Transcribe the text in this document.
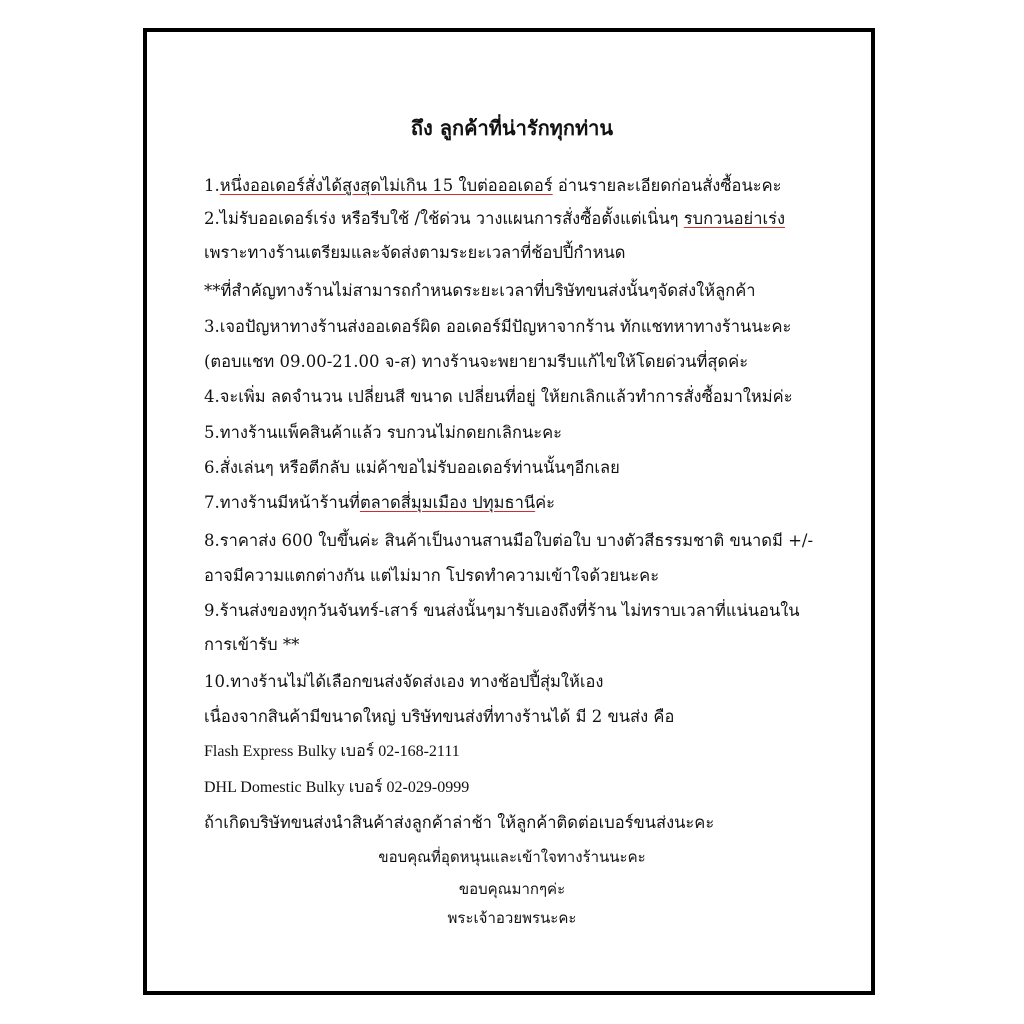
ถึง ลูกค้าที่น่ารักทุกท่าน

1.หนึ่งออเดอร์สั่งได้สูงสุดไม่เกิน 15 ใบต่อออเดอร์ อ่านรายละเอียดก่อนสั่งซื้อนะคะ

2.ไม่รับออเดอร์เร่ง หรือรีบใช้ /ใช้ด่วน วางแผนการสั่งซื้อตั้งแต่เนิ่นๆ รบกวนอย่าเร่ง

เพราะทางร้านเตรียมและจัดส่งตามระยะเวลาที่ช้อปปี้กำหนด

**ที่สำคัญทางร้านไม่สามารถกำหนดระยะเวลาที่บริษัทขนส่งนั้นๆจัดส่งให้ลูกค้า

3.เจอปัญหาทางร้านส่งออเดอร์ผิด ออเดอร์มีปัญหาจากร้าน ทักแชทหาทางร้านนะคะ

(ตอบแชท 09.00-21.00 จ-ส) ทางร้านจะพยายามรีบแก้ไขให้โดยด่วนที่สุดค่ะ

4.จะเพิ่ม ลดจำนวน เปลี่ยนสี ขนาด เปลี่ยนที่อยู่ ให้ยกเลิกแล้วทำการสั่งซื้อมาใหม่ค่ะ

5.ทางร้านแพ็คสินค้าแล้ว รบกวนไม่กดยกเลิกนะคะ

6.สั่งเล่นๆ หรือตีกลับ แม่ค้าขอไม่รับออเดอร์ท่านนั้นๆอีกเลย

7.ทางร้านมีหน้าร้านที่ตลาดสี่มุมเมือง ปทุมธานีค่ะ

8.ราคาส่ง 600 ใบขึ้นค่ะ สินค้าเป็นงานสานมือใบต่อใบ บางตัวสีธรรมชาติ ขนาดมี +/-

อาจมีความแตกต่างกัน แต่ไม่มาก โปรดทำความเข้าใจด้วยนะคะ

9.ร้านส่งของทุกวันจันทร์-เสาร์ ขนส่งนั้นๆมารับเองถึงที่ร้าน ไม่ทราบเวลาที่แน่นอนใน

การเข้ารับ **

10.ทางร้านไม่ได้เลือกขนส่งจัดส่งเอง ทางช้อปปี้สุ่มให้เอง

เนื่องจากสินค้ามีขนาดใหญ่ บริษัทขนส่งที่ทางร้านได้ มี 2 ขนส่ง คือ

Flash Express Bulky เบอร์ 02-168-2111

DHL Domestic Bulky เบอร์ 02-029-0999

ถ้าเกิดบริษัทขนส่งนำสินค้าส่งลูกค้าล่าช้า ให้ลูกค้าติดต่อเบอร์ขนส่งนะคะ

ขอบคุณที่อุดหนุนและเข้าใจทางร้านนะคะ

ขอบคุณมากๆค่ะ

พระเจ้าอวยพรนะคะ
